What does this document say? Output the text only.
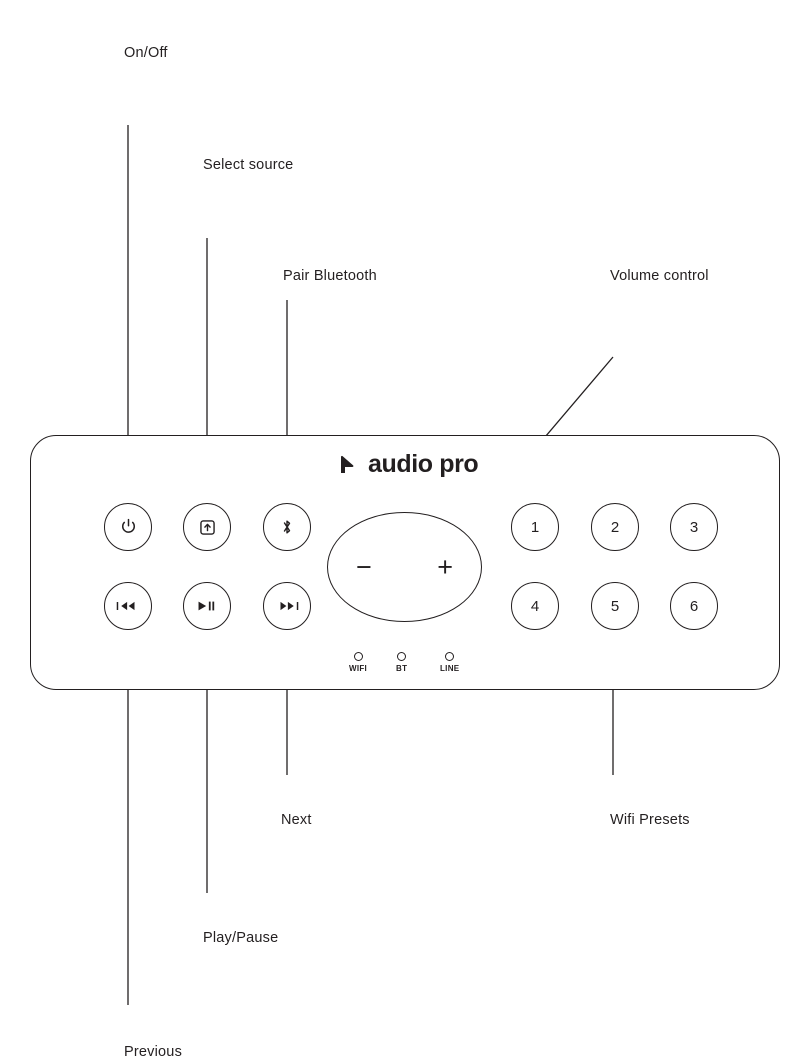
On/Off
Select source
Pair Bluetooth	Volume control
Next	Wifi Presets
Play/Pause
Previous
audio pro
− +
1	2	3
4	5	6
WIFI	BT	LINE
